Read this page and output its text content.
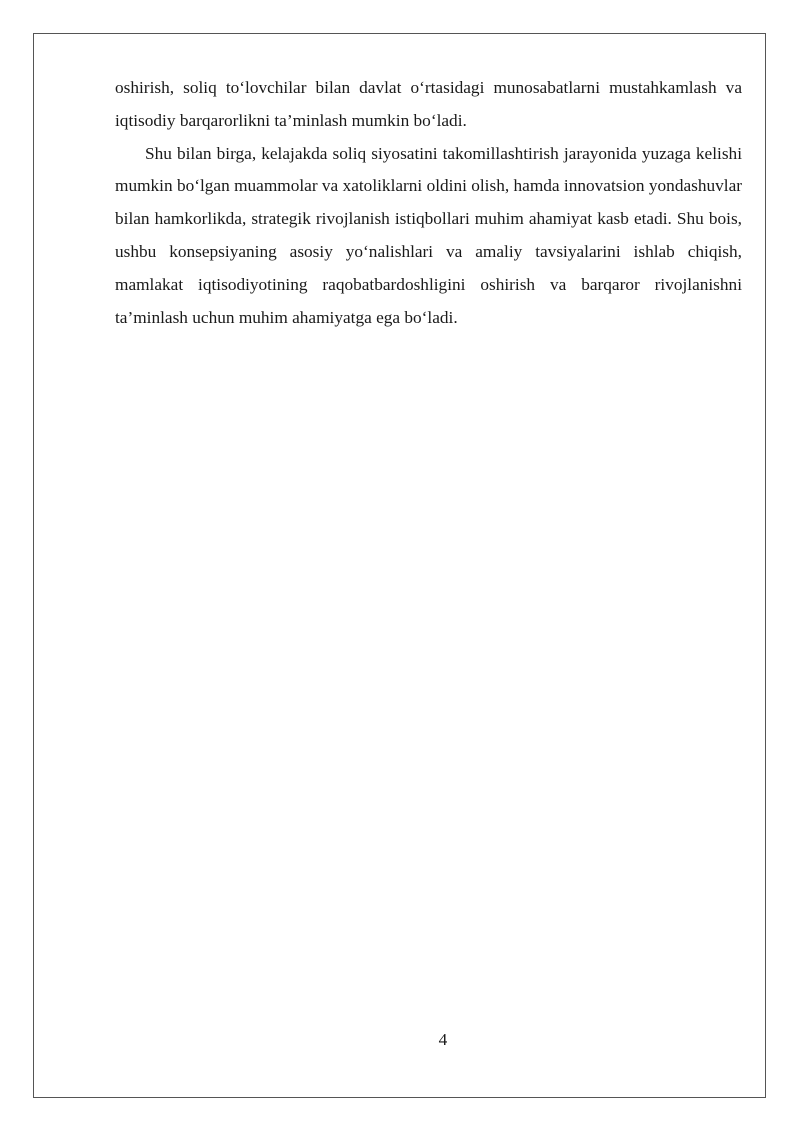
oshirish, soliq to‘lovchilar bilan davlat o‘rtasidagi munosabatlarni mustahkamlash va iqtisodiy barqarorlikni ta’minlash mumkin bo‘ladi.

Shu bilan birga, kelajakda soliq siyosatini takomillashtirish jarayonida yuzaga kelishi mumkin bo‘lgan muammolar va xatoliklarni oldini olish, hamda innovatsion yondashuvlar bilan hamkorlikda, strategik rivojlanish istiqbollari muhim ahamiyat kasb etadi. Shu bois, ushbu konsepsiyaning asosiy yo‘nalishlari va amaliy tavsiyalarini ishlab chiqish, mamlakat iqtisodiyotining raqobatbardoshligini oshirish va barqaror rivojlanishni ta’minlash uchun muhim ahamiyatga ega bo‘ladi.

4
